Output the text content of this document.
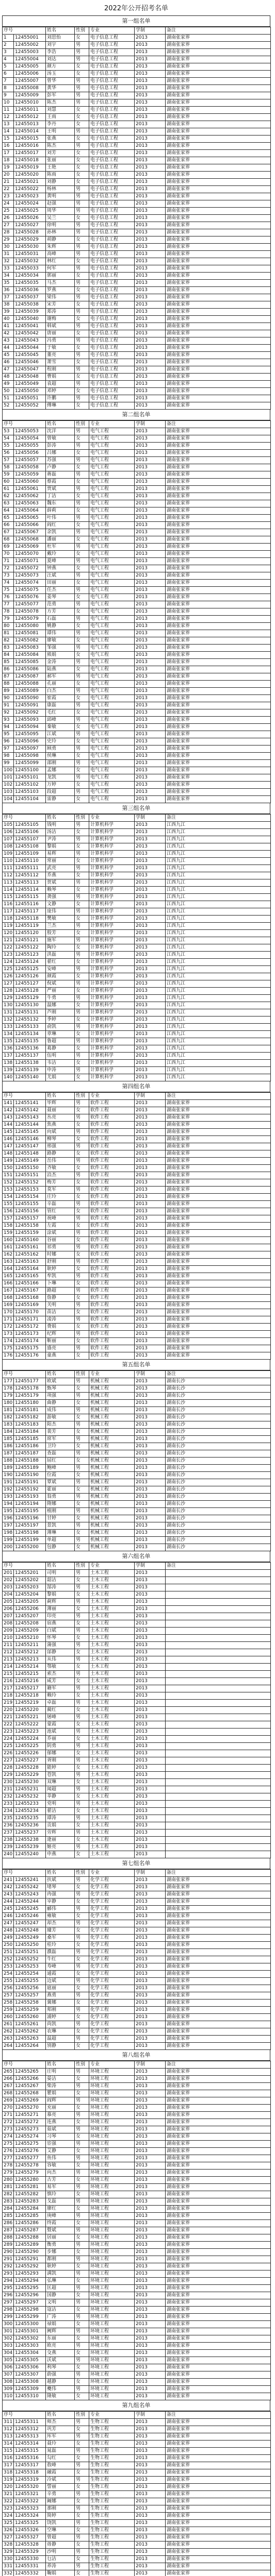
2022年公开招考名单
第一组名单
序号		姓名	性别	专业	学制	备注
1	12455001	刘思怡	女	电子信息工程	2013	湖南张家界
2	12455002	刘宇	男	电子信息工程	2013	湖南张家界
3	12455003	李浩	男	电子信息工程	2013	湖南张家界
4	12455004	刘达	男	电子信息工程	2013	湖南张家界
5	12455005	颜方	女	电子信息工程	2013	湖南张家界
6	12455006	汤玉	女	电子信息工程	2013	湖南张家界
7	12455007	曾华	男	电子信息工程	2013	湖南张家界
8	12455008	黄华	男	电子信息工程	2013	湖南张家界
9	12455009	彭军	男	电子信息工程	2013	湖南张家界
10	12455010	陈杰	男	电子信息工程	2013	湖南张家界
11	12455011	刘慧	女	电子信息工程	2013	湖南张家界
12	12455012	王雨	女	电子信息工程	2013	湖南张家界
13	12455013	李丹	女	电子信息工程	2013	湖南张家界
14	12455014	王明	男	电子信息工程	2013	湖南张家界
15	12455015	张燕	女	电子信息工程	2013	湖南张家界
16	12455016	陈杰	男	电子信息工程	2013	湖南张家界
17	12455017	刘芳	女	电子信息工程	2013	湖南张家界
18	12455018	张丽	女	电子信息工程	2013	湖南张家界
19	12455019	王艳	女	电子信息工程	2013	湖南张家界
20	12455020	陈雨	女	电子信息工程	2013	湖南张家界
21	12455021	刘静	女	电子信息工程	2013	湖南张家界
22	12455022	杨林	男	电子信息工程	2013	湖南张家界
23	12455023	黄明	男	电子信息工程	2013	湖南张家界
24	12455024	赵强	男	电子信息工程	2013	湖南张家界
25	12455025	周华	男	电子信息工程	2013	湖南张家界
26	12455026	吴兰	女	电子信息工程	2013	湖南张家界
27	12455027	徐明	男	电子信息工程	2013	湖南张家界
28	12455028	孙林	男	电子信息工程	2013	湖南张家界
29	12455029	胡静	女	电子信息工程	2013	湖南张家界
30	12455030	朱辉	男	电子信息工程	2013	湖南张家界
31	12455031	高峰	男	电子信息工程	2013	湖南张家界
32	12455032	林红	女	电子信息工程	2013	湖南张家界
33	12455033	何军	男	电子信息工程	2013	湖南张家界
34	12455034	郭丽	女	电子信息工程	2013	湖南张家界
35	12455035	马杰	男	电子信息工程	2013	湖南张家界
36	12455036	罗燕	女	电子信息工程	2013	湖南张家界
37	12455037	梁伟	男	电子信息工程	2013	湖南张家界
38	12455038	宋芳	女	电子信息工程	2013	湖南张家界
39	12455039	郑涛	男	电子信息工程	2013	湖南张家界
40	12455040	谢梅	女	电子信息工程	2013	湖南张家界
41	12455041	韩斌	男	电子信息工程	2013	湖南张家界
42	12455042	唐丽	女	电子信息工程	2013	湖南张家界
43	12455043	冯勇	男	电子信息工程	2013	湖南张家界
44	12455044	于敏	女	电子信息工程	2013	湖南张家界
45	12455045	董亮	男	电子信息工程	2013	湖南张家界
46	12455046	萧雪	女	电子信息工程	2013	湖南张家界
47	12455047	程刚	男	电子信息工程	2013	湖南张家界
48	12455048	曹娟	女	电子信息工程	2013	湖南张家界
49	12455049	袁超	男	电子信息工程	2013	湖南张家界
50	12455050	邓婷	女	电子信息工程	2013	湖南张家界
51	12455051	许鹏	男	电子信息工程	2013	湖南张家界
52	12455052	傅琳	女	电子信息工程	2013	湖南张家界
第二组名单
序号		姓名	性别	专业	学制	备注
53	12455053	沈洋	男	电气工程	2013	湖南张家界
54	12455054	曾敏	女	电气工程	2013	湖南张家界
55	12455055	彭涛	男	电气工程	2013	湖南张家界
56	12455056	吕娜	女	电气工程	2013	湖南张家界
57	12455057	苏强	男	电气工程	2013	湖南张家界
58	12455058	卢静	女	电气工程	2013	湖南张家界
59	12455059	蒋磊	男	电气工程	2013	湖南张家界
60	12455060	蔡霞	女	电气工程	2013	湖南张家界
61	12455061	贾斌	男	电气工程	2013	湖南张家界
62	12455062	丁洁	女	电气工程	2013	湖南张家界
63	12455063	魏东	男	电气工程	2013	湖南张家界
64	12455064	薛莉	女	电气工程	2013	湖南张家界
65	12455065	叶伟	男	电气工程	2013	湖南张家界
66	12455066	阎红	女	电气工程	2013	湖南张家界
67	12455067	余凯	男	电气工程	2013	湖南张家界
68	12455068	潘丽	女	电气工程	2013	湖南张家界
69	12455069	杜军	男	电气工程	2013	湖南张家界
70	12455070	戴玲	女	电气工程	2013	湖南张家界
71	12455071	夏峰	男	电气工程	2013	湖南张家界
72	12455072	钟燕	女	电气工程	2013	湖南张家界
73	12455073	汪斌	男	电气工程	2013	湖南张家界
74	12455074	田丽	女	电气工程	2013	湖南张家界
75	12455075	任杰	男	电气工程	2013	湖南张家界
76	12455076	姜琴	女	电气工程	2013	湖南张家界
77	12455077	范勇	男	电气工程	2013	湖南张家界
78	12455078	方芳	女	电气工程	2013	湖南张家界
79	12455079	石磊	男	电气工程	2013	湖南张家界
80	12455080	姚静	女	电气工程	2013	湖南张家界
81	12455081	谭伟	男	电气工程	2013	湖南张家界
82	12455082	廖敏	女	电气工程	2013	湖南张家界
83	12455083	邹强	男	电气工程	2013	湖南张家界
84	12455084	熊娟	女	电气工程	2013	湖南张家界
85	12455085	金涛	男	电气工程	2013	湖南张家界
86	12455086	陆燕	女	电气工程	2013	湖南张家界
87	12455087	郝军	男	电气工程	2013	湖南张家界
88	12455088	孔丽	女	电气工程	2013	湖南张家界
89	12455089	白杰	男	电气工程	2013	湖南张家界
90	12455090	崔霞	女	电气工程	2013	湖南张家界
91	12455091	康磊	男	电气工程	2013	湖南张家界
92	12455092	毛红	女	电气工程	2013	湖南张家界
93	12455093	邱峰	男	电气工程	2013	湖南张家界
94	12455094	秦敏	女	电气工程	2013	湖南张家界
95	12455095	江斌	男	电气工程	2013	湖南张家界
96	12455096	史玲	女	电气工程	2013	湖南张家界
97	12455097	顾勇	男	电气工程	2013	湖南张家界
98	12455098	侯琳	女	电气工程	2013	湖南张家界
99	12455099	邵刚	男	电气工程	2013	湖南张家界
100	12455100	孟娜	女	电气工程	2013	湖南张家界
101	12455101	龙凯	男	电气工程	2013	湖南张家界
102	12455102	万婷	女	电气工程	2013	湖南张家界
103	12455103	段超	男	电气工程	2013	湖南张家界
104	12455104	雷静	女	电气工程	2013	湖南张家界
第三组名单
序号		姓名	性别	专业	学制	备注
105	12455105	钱明	男	计算机科学	2013	江西九江
106	12455106	汤洁	女	计算机科学	2013	江西九江
107	12455107	尹涛	男	计算机科学	2013	江西九江
108	12455108	黎娟	女	计算机科学	2013	江西九江
109	12455109	易辉	男	计算机科学	2013	江西九江
110	12455110	常丽	女	计算机科学	2013	江西九江
111	12455111	武亮	男	计算机科学	2013	江西九江
112	12455112	乔燕	女	计算机科学	2013	江西九江
113	12455113	贺斌	男	计算机科学	2013	江西九江
114	12455114	赖琴	女	计算机科学	2013	江西九江
115	12455115	龚强	男	计算机科学	2013	江西九江
116	12455116	文静	女	计算机科学	2013	江西九江
117	12455117	庞伟	男	计算机科学	2013	江西九江
118	12455118	樊敏	女	计算机科学	2013	江西九江
119	12455119	兰杰	男	计算机科学	2013	江西九江
120	12455120	殷芳	女	计算机科学	2013	江西九江
121	12455121	施军	男	计算机科学	2013	江西九江
122	12455122	陶玲	女	计算机科学	2013	江西九江
123	12455123	洪磊	男	计算机科学	2013	江西九江
124	12455124	翟红	女	计算机科学	2013	江西九江
125	12455125	安峰	男	计算机科学	2013	江西九江
126	12455126	颜霞	女	计算机科学	2013	江西九江
127	12455127	倪斌	男	计算机科学	2013	江西九江
128	12455128	严丽	女	计算机科学	2013	江西九江
129	12455129	牛勇	男	计算机科学	2013	江西九江
130	12455130	温娜	女	计算机科学	2013	江西九江
131	12455131	芦刚	男	计算机科学	2013	江西九江
132	12455132	季婷	女	计算机科学	2013	江西九江
133	12455133	俞凯	男	计算机科学	2013	江西九江
134	12455134	章琳	女	计算机科学	2013	江西九江
135	12455135	鲁超	男	计算机科学	2013	江西九江
136	12455136	葛静	女	计算机科学	2013	江西九江
137	12455137	伍明	男	计算机科学	2013	江西九江
138	12455138	韦洁	女	计算机科学	2013	江西九江
139	12455139	申涛	男	计算机科学	2013	江西九江
140	12455140	尤娟	女	计算机科学	2013	江西九江
第四组名单
序号		姓名	性别	专业	学制	备注
141	12455141	毕辉	男	软件工程	2013	湖南张家界
142	12455142	聂丽	女	软件工程	2013	湖南张家界
143	12455143	丛亮	男	软件工程	2013	湖南张家界
144	12455144	焦燕	女	软件工程	2013	湖南张家界
145	12455145	向斌	男	软件工程	2013	湖南张家界
146	12455146	柳琴	女	软件工程	2013	湖南张家界
147	12455147	邢强	男	软件工程	2013	湖南张家界
148	12455148	路静	女	软件工程	2013	湖南张家界
149	12455149	岳伟	男	软件工程	2013	湖南张家界
150	12455150	齐敏	女	软件工程	2013	湖南张家界
151	12455151	沿杰	男	软件工程	2013	湖南张家界
152	12455152	梅芳	女	软件工程	2013	湖南张家界
153	12455153	莫军	男	软件工程	2013	湖南张家界
154	12455154	庄玲	女	软件工程	2013	湖南张家界
155	12455155	辛磊	男	软件工程	2013	湖南张家界
156	12455156	管红	女	软件工程	2013	湖南张家界
157	12455157	祝峰	男	软件工程	2013	湖南张家界
158	12455158	左霞	女	软件工程	2013	湖南张家界
159	12455159	涂斌	男	软件工程	2013	湖南张家界
160	12455160	谷丽	女	软件工程	2013	湖南张家界
161	12455161	祁勇	男	软件工程	2013	湖南张家界
162	12455162	时娜	女	软件工程	2013	湖南张家界
163	12455163	舒刚	男	软件工程	2013	湖南张家界
164	12455164	耿婷	女	软件工程	2013	湖南张家界
165	12455165	牟凯	男	软件工程	2013	湖南张家界
166	12455166	卜琳	女	软件工程	2013	湖南张家界
167	12455167	路超	男	软件工程	2013	湖南张家界
168	12455168	詹静	女	软件工程	2013	湖南张家界
169	12455169	关明	男	软件工程	2013	湖南张家界
170	12455170	苗洁	女	软件工程	2013	湖南张家界
171	12455171	凌涛	男	软件工程	2013	湖南张家界
172	12455172	费娟	女	软件工程	2013	湖南张家界
173	12455173	纪辉	男	软件工程	2013	湖南张家界
174	12455174	靳丽	女	软件工程	2013	湖南张家界
175	12455175	盛亮	男	软件工程	2013	湖南张家界
176	12455176	童燕	女	软件工程	2013	湖南张家界
第五组名单
序号		姓名	性别	专业	学制	备注
177	12455177	欧斌	男	机械工程	2013	湖南长沙
178	12455178	甄琴	女	机械工程	2013	湖南长沙
179	12455179	项强	男	机械工程	2013	湖南长沙
180	12455180	曲静	女	机械工程	2013	湖南长沙
181	12455181	成伟	男	机械工程	2013	湖南长沙
182	12455182	游敏	女	机械工程	2013	湖南长沙
183	12455183	阳杰	男	机械工程	2013	湖南长沙
184	12455184	裴芳	女	机械工程	2013	湖南长沙
185	12455185	席军	男	机械工程	2013	湖南长沙
186	12455186	卫玲	女	机械工程	2013	湖南长沙
187	12455187	查磊	男	机械工程	2013	湖南长沙
188	12455188	屈红	女	机械工程	2013	湖南长沙
189	12455189	鲍峰	男	机械工程	2013	湖南长沙
190	12455190	位霞	女	机械工程	2013	湖南长沙
191	12455191	覃斌	男	机械工程	2013	湖南长沙
192	12455192	霍丽	女	机械工程	2013	湖南长沙
193	12455193	翁勇	男	机械工程	2013	湖南长沙
194	12455194	隋娜	女	机械工程	2013	湖南长沙
195	12455195	植刚	男	机械工程	2013	湖南长沙
196	12455196	甘婷	女	机械工程	2013	湖南长沙
197	12455197	景凯	男	机械工程	2013	湖南长沙
198	12455198	薄琳	女	机械工程	2013	湖南长沙
199	12455199	单超	男	机械工程	2013	湖南长沙
200	12455200	包静	女	机械工程	2013	湖南长沙
第六组名单
序号		姓名	性别	专业	学制	备注
201	12455201	司明	男	土木工程	2013	
202	12455202	韶洁	女	土木工程	2013	
203	12455203	郜涛	男	土木工程	2013	
204	12455204	黎娟	女	土木工程	2013	
205	12455205	蓟辉	男	土木工程	2013	
206	12455206	薄丽	女	土木工程	2013	
207	12455207	印亮	男	土木工程	2013	
208	12455208	宿燕	女	土木工程	2013	
209	12455209	白斌	男	土木工程	2013	
210	12455210	怀琴	女	土木工程	2013	
211	12455211	蒲强	男	土木工程	2013	
212	12455212	邰静	女	土木工程	2013	
213	12455213	从伟	男	土木工程	2013	
214	12455214	鄂敏	女	土木工程	2013	
215	12455215	索杰	男	土木工程	2013	
216	12455216	咸芳	女	土木工程	2013	
217	12455217	籍军	男	土木工程	2013	
218	12455218	赖玲	女	土木工程	2013	
219	12455219	卓磊	男	土木工程	2013	
220	12455220	蔺红	女	土木工程	2013	
221	12455221	屠峰	男	土木工程	2013	
222	12455222	蒙霞	女	土木工程	2013	
223	12455223	池斌	男	土木工程	2013	
224	12455224	乔丽	女	土木工程	2013	
225	12455225	阴勇	男	土木工程	2013	
226	12455226	郁娜	女	土木工程	2013	
227	12455227	胥刚	男	土木工程	2013	
228	12455228	能婷	女	土木工程	2013	
229	12455229	苍凯	男	土木工程	2013	
230	12455230	双琳	女	土木工程	2013	
231	12455231	闻超	男	土木工程	2013	
232	12455232	莘静	女	土木工程	2013	
233	12455233	党明	男	土木工程	2013	
234	12455234	翟洁	女	土木工程	2013	
235	12455235	谭涛	男	土木工程	2013	
236	12455236	贡娟	女	土木工程	2013	
237	12455237	劳辉	男	土木工程	2013	
238	12455238	逄丽	女	土木工程	2013	
239	12455239	姬亮	男	土木工程	2013	
240	12455240	申燕	女	土木工程	2013	
第七组名单
序号		姓名	性别	专业	学制	备注
241	12455241	扶斌	男	化学工程	2013	湖南张家界
242	12455242	堵琴	女	化学工程	2013	湖南张家界
243	12455243	冉强	男	化学工程	2013	湖南张家界
244	12455244	宰静	女	化学工程	2013	湖南张家界
245	12455245	郦伟	男	化学工程	2013	湖南张家界
246	12455246	雍敏	女	化学工程	2013	湖南张家界
247	12455247	却杰	男	化学工程	2013	湖南张家界
248	12455248	璩芳	女	化学工程	2013	湖南张家界
249	12455249	桑军	男	化学工程	2013	湖南张家界
250	12455250	桂玲	女	化学工程	2013	湖南张家界
251	12455251	濮磊	男	化学工程	2013	湖南张家界
252	12455252	牛红	女	化学工程	2013	湖南张家界
253	12455253	寿峰	男	化学工程	2013	湖南张家界
254	12455254	通霞	女	化学工程	2013	湖南张家界
255	12455255	边斌	男	化学工程	2013	湖南张家界
256	12455256	扈丽	女	化学工程	2013	湖南张家界
257	12455257	燕勇	男	化学工程	2013	湖南张家界
258	12455258	冀娜	女	化学工程	2013	湖南张家界
259	12455259	郏刚	男	化学工程	2013	湖南张家界
260	12455260	浦婷	女	化学工程	2013	湖南张家界
261	12455261	尚凯	男	化学工程	2013	湖南张家界
262	12455262	农琳	女	化学工程	2013	湖南张家界
263	12455263	温超	男	化学工程	2013	湖南张家界
264	12455264	别静	女	化学工程	2013	湖南张家界
第八组名单
序号		姓名	性别	专业	学制	备注
265	12455265	庄明	男	环境工程	2013	湖南张家界
266	12455266	晏洁	女	环境工程	2013	湖南张家界
267	12455267	柴涛	男	环境工程	2013	湖南张家界
268	12455268	瞿娟	女	环境工程	2013	湖南张家界
269	12455269	阎辉	男	环境工程	2013	湖南张家界
270	12455270	充丽	女	环境工程	2013	湖南张家界
271	12455271	慕亮	男	环境工程	2013	湖南张家界
272	12455272	连燕	女	环境工程	2013	湖南张家界
273	12455273	茹斌	男	环境工程	2013	湖南张家界
274	12455274	习琴	女	环境工程	2013	湖南张家界
275	12455275	宦强	男	环境工程	2013	湖南张家界
276	12455276	艾静	女	环境工程	2013	湖南张家界
277	12455277	鱼伟	男	环境工程	2013	湖南张家界
278	12455278	容敏	女	环境工程	2013	湖南张家界
279	12455279	向杰	男	环境工程	2013	湖南张家界
280	12455280	古芳	女	环境工程	2013	湖南张家界
281	12455281	易军	男	环境工程	2013	湖南张家界
282	12455282	慎玲	女	环境工程	2013	湖南张家界
283	12455283	戈磊	男	环境工程	2013	湖南张家界
284	12455284	廖红	女	环境工程	2013	湖南张家界
285	12455285	庚峰	男	环境工程	2013	湖南张家界
286	12455286	终霞	女	环境工程	2013	湖南张家界
287	12455287	暨斌	男	环境工程	2013	湖南张家界
288	12455288	居丽	女	环境工程	2013	湖南张家界
289	12455289	衡勇	男	环境工程	2013	湖南张家界
290	12455290	步娜	女	环境工程	2013	湖南张家界
291	12455291	都刚	男	环境工程	2013	湖南张家界
292	12455292	耿婷	女	环境工程	2013	湖南张家界
293	12455293	满凯	男	环境工程	2013	湖南张家界
294	12455294	弘琳	女	环境工程	2013	湖南张家界
295	12455295	匡超	男	环境工程	2013	湖南张家界
296	12455296	国静	女	环境工程	2013	湖南张家界
297	12455297	文明	男	环境工程	2013	湖南张家界
298	12455298	寇洁	女	环境工程	2013	湖南张家界
299	12455299	广涛	男	环境工程	2013	湖南张家界
300	12455300	禄娟	女	环境工程	2013	湖南张家界
301	12455301	阙辉	男	环境工程	2013	湖南张家界
302	12455302	东丽	女	环境工程	2013	湖南张家界
303	12455303	欧亮	男	环境工程	2013	湖南张家界
304	12455304	殳燕	女	环境工程	2013	湖南张家界
305	12455305	沃斌	男	环境工程	2013	湖南张家界
306	12455306	利琴	女	环境工程	2013	湖南张家界
307	12455307	蔚强	男	环境工程	2013	湖南张家界
308	12455308	越静	女	环境工程	2013	湖南张家界
309	12455309	夔伟	男	环境工程	2013	湖南张家界
310	12455310	隆敏	女	环境工程	2013	湖南张家界
第九组名单
序号		姓名	性别	专业	学制	备注
311	12455311	师杰	男	生物工程	2013	湖南张家界
312	12455312	巩芳	女	生物工程	2013	湖南张家界
313	12455313	厍军	男	生物工程	2013	湖南张家界
314	12455314	聂玲	女	生物工程	2013	湖南张家界
315	12455315	晁磊	男	生物工程	2013	湖南张家界
316	12455316	勾红	女	生物工程	2013	湖南张家界
317	12455317	敖峰	男	生物工程	2013	湖南张家界
318	12455318	融霞	女	生物工程	2013	湖南张家界
319	12455319	冷斌	男	生物工程	2013	湖南张家界
320	12455320	訾丽	女	生物工程	2013	湖南张家界
321	12455321	辛勇	男	生物工程	2013	湖南张家界
322	12455322	阚娜	女	生物工程	2013	湖南张家界
323	12455323	那刚	男	生物工程	2013	湖南张家界
324	12455324	简婷	女	生物工程	2013	湖南张家界
325	12455325	饶凯	男	生物工程	2013	湖南张家界
326	12455326	空琳	女	生物工程	2013	湖南张家界
327	12455327	曾超	男	生物工程	2013	湖南张家界
328	12455328	毋静	女	生物工程	2013	湖南张家界
329	12455329	沙明	男	生物工程	2013	湖南张家界
330	12455330	乜洁	女	生物工程	2013	湖南张家界
331	12455331	养涛	男	生物工程	2013	湖南张家界
332	12455332	鞠娟	女	生物工程	2013	湖南张家界
